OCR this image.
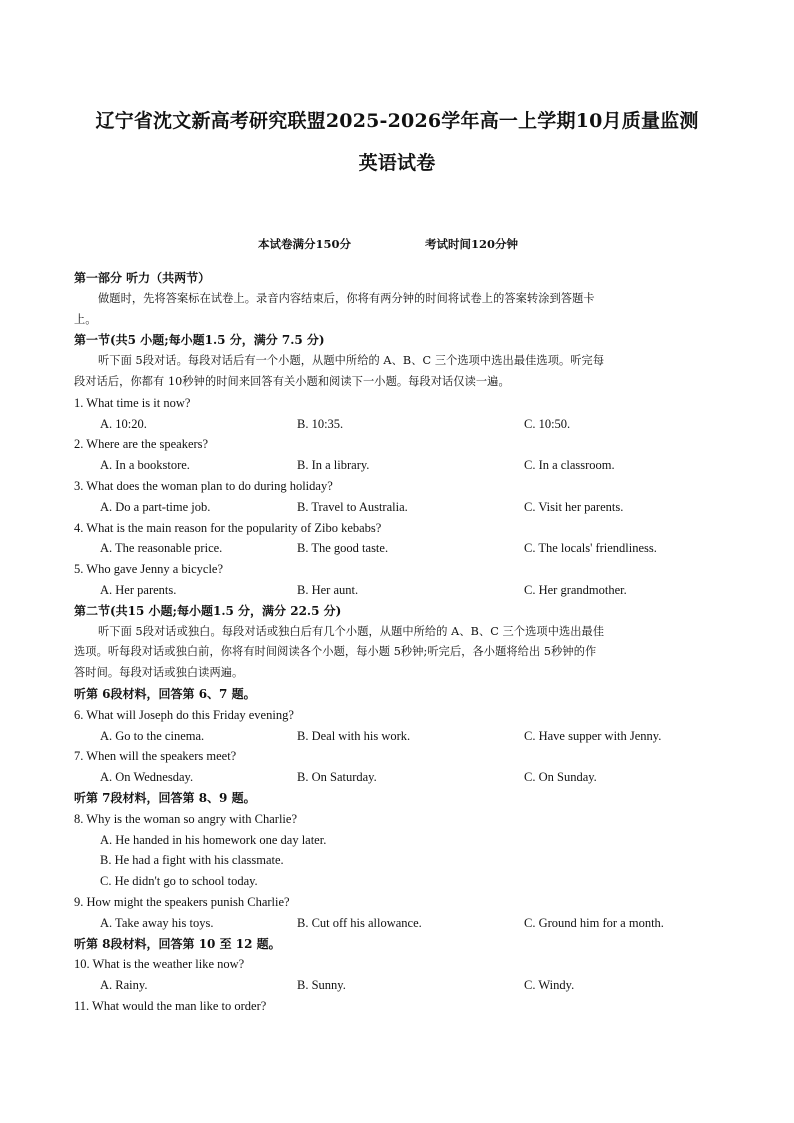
辽宁省沈文新高考研究联盟2025-2026学年高一上学期10月质量监测
英语试卷
本试卷满分150分	考试时间120分钟
第一部分 听力（共两节）
做题时，先将答案标在试卷上。录音内容结束后，你将有两分钟的时间将试卷上的答案转涂到答题卡
上。
第一节(共5 小题;每小题1.5 分，满分 7.5 分)
听下面 5段对话。每段对话后有一个小题，从题中所给的 A、B、C 三个选项中选出最佳选项。听完每
段对话后，你都有 10秒钟的时间来回答有关小题和阅读下一小题。每段对话仅读一遍。
1. What time is it now?
A. 10:20.	B. 10:35.	C. 10:50.
2. Where are the speakers?
A. In a bookstore.	B. In a library.	C. In a classroom.
3. What does the woman plan to do during holiday?
A. Do a part-time job.	B. Travel to Australia.	C. Visit her parents.
4. What is the main reason for the popularity of Zibo kebabs?
A. The reasonable price.	B. The good taste.	C. The locals' friendliness.
5. Who gave Jenny a bicycle?
A. Her parents.	B. Her aunt.	C. Her grandmother.
第二节(共15 小题;每小题1.5 分，满分 22.5 分)
听下面 5段对话或独白。每段对话或独白后有几个小题，从题中所给的 A、B、C 三个选项中选出最佳
选项。听每段对话或独白前，你将有时间阅读各个小题，每小题 5秒钟;听完后，各小题将给出 5秒钟的作
答时间。每段对话或独白读两遍。
听第 6段材料，回答第 6、7 题。
6. What will Joseph do this Friday evening?
A. Go to the cinema.	B. Deal with his work.	C. Have supper with Jenny.
7. When will the speakers meet?
A. On Wednesday.	B. On Saturday.	C. On Sunday.
听第 7段材料，回答第 8、9 题。
8. Why is the woman so angry with Charlie?
A. He handed in his homework one day later.
B. He had a fight with his classmate.
C. He didn't go to school today.
9. How might the speakers punish Charlie?
A. Take away his toys.	B. Cut off his allowance.	C. Ground him for a month.
听第 8段材料，回答第 10 至 12 题。
10. What is the weather like now?
A. Rainy.	B. Sunny.	C. Windy.
11. What would the man like to order?
